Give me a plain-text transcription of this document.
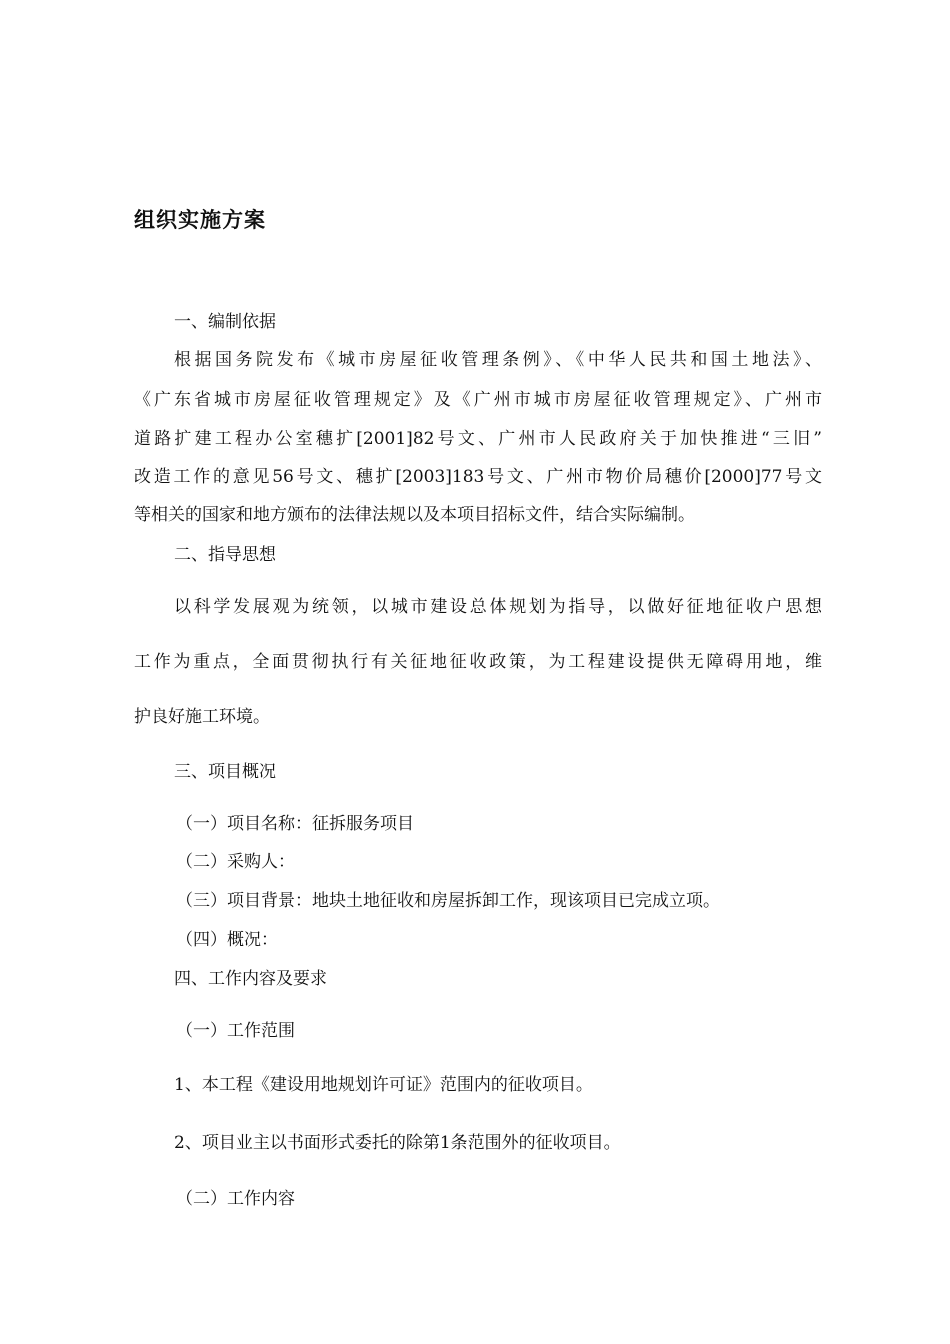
组织实施方案
一、编制依据
根据国务院发布《城市房屋征收管理条例》、《中华人民共和国土地法》、
《广东省城市房屋征收管理规定》及《广州市城市房屋征收管理规定》、广州市
道路扩建工程办公室穗扩[2001]82号文、广州市人民政府关于加快推进“三旧”
改造工作的意见56号文、穗扩[2003]183号文、广州市物价局穗价[2000]77号文
等相关的国家和地方颁布的法律法规以及本项目招标文件，结合实际编制。
二、指导思想
以科学发展观为统领，以城市建设总体规划为指导，以做好征地征收户思想
工作为重点，全面贯彻执行有关征地征收政策，为工程建设提供无障碍用地，维
护良好施工环境。
三、项目概况
（一）项目名称：征拆服务项目
（二）采购人：
（三）项目背景：地块土地征收和房屋拆卸工作，现该项目已完成立项。
（四）概况：
四、工作内容及要求
（一）工作范围
1、本工程《建设用地规划许可证》范围内的征收项目。
2、项目业主以书面形式委托的除第1条范围外的征收项目。
（二）工作内容
